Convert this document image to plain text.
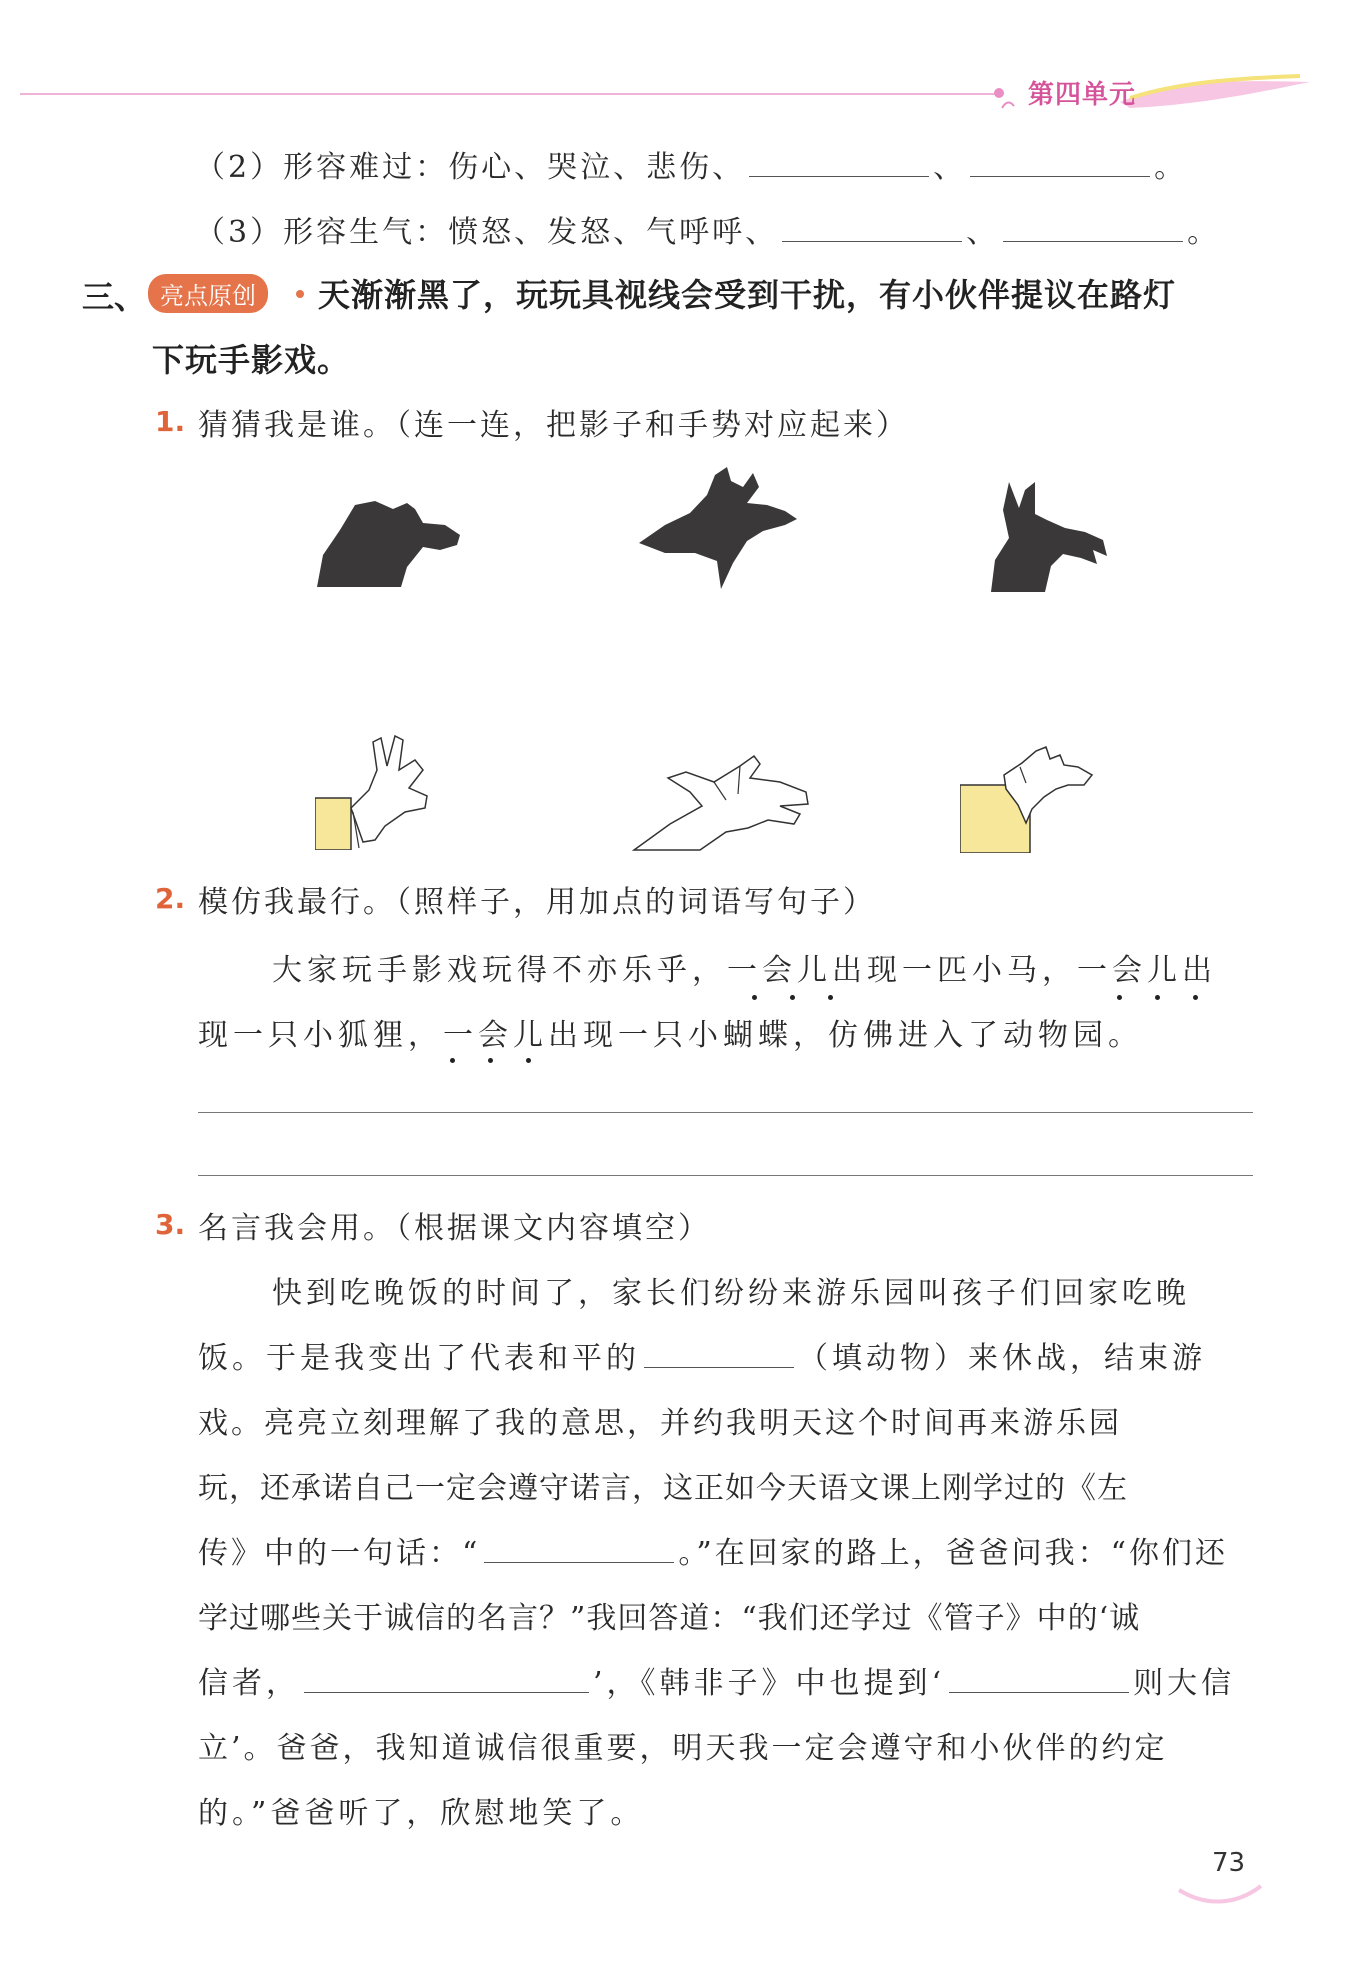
第四单元
（2）形容难过：伤心、哭泣、悲伤、	、	。
（3）形容生气：愤怒、发怒、气呼呼、	、	。
三、 亮点原创	天渐渐黑了，玩玩具视线会受到干扰，有小伙伴提议在路灯
下玩手影戏。
1. 猜猜我是谁。（连一连，把影子和手势对应起来）
2. 模仿我最行。（照样子，用加点的词语写句子）
大家玩手影戏玩得不亦乐乎，一会儿出现一匹小马，一会儿出
现一只小狐狸，一会儿出现一只小蝴蝶，仿佛进入了动物园。
3. 名言我会用。（根据课文内容填空）
快到吃晚饭的时间了，家长们纷纷来游乐园叫孩子们回家吃晚
饭。于是我变出了代表和平的	（填动物）来休战，结束游
戏。亮亮立刻理解了我的意思，并约我明天这个时间再来游乐园
玩，还承诺自己一定会遵守诺言，这正如今天语文课上刚学过的《左
传》中的一句话：“	。”在回家的路上，爸爸问我：“你们还
学过哪些关于诚信的名言？”我回答道：“我们还学过《管子》中的‘诚
信者，	’，《韩非子》中也提到‘	则大信
立’。爸爸，我知道诚信很重要，明天我一定会遵守和小伙伴的约定
的。”爸爸听了，欣慰地笑了。
73
